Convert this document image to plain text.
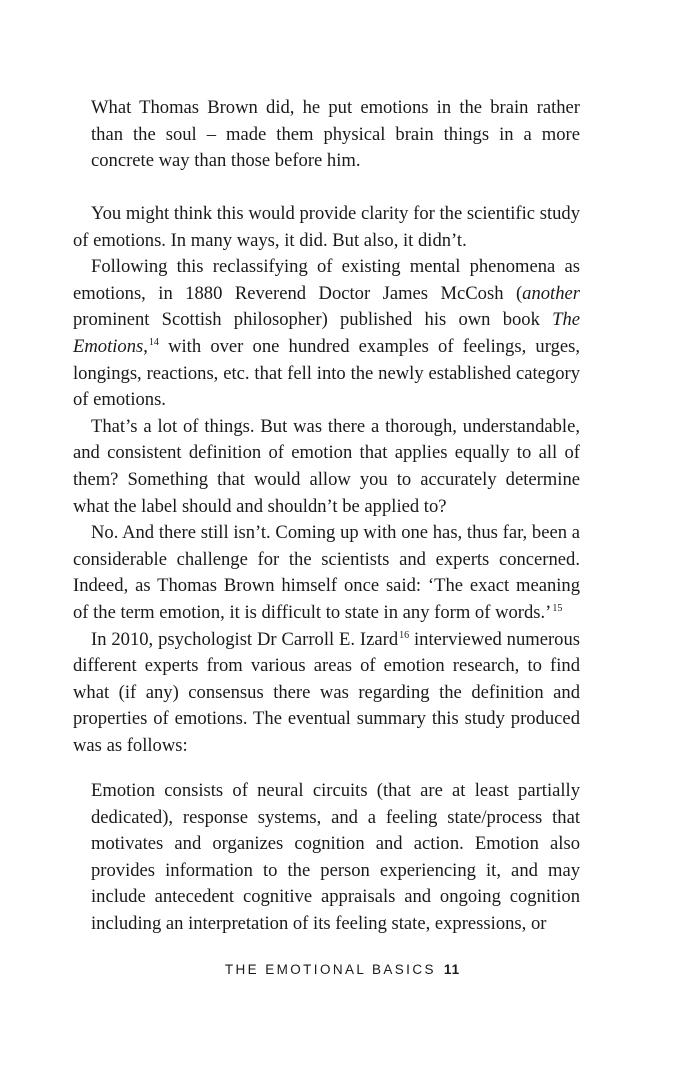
What Thomas Brown did, he put emotions in the brain rather than the soul – made them physical brain things in a more concrete way than those before him.

You might think this would provide clarity for the scientific study of emotions. In many ways, it did. But also, it didn’t.

Following this reclassifying of existing mental phenomena as emotions, in 1880 Reverend Doctor James McCosh (another prominent Scottish philosopher) published his own book The Emotions,$^{14}$ with over one hundred examples of feelings, urges, longings, reactions, etc. that fell into the newly established category of emotions.

That’s a lot of things. But was there a thorough, understandable, and consistent definition of emotion that applies equally to all of them? Something that would allow you to accurately determine what the label should and shouldn’t be applied to?

No. And there still isn’t. Coming up with one has, thus far, been a considerable challenge for the scientists and experts concerned. Indeed, as Thomas Brown himself once said: ‘The exact meaning of the term emotion, it is difficult to state in any form of words.’$^{15}$

In 2010, psychologist Dr Carroll E. Izard$^{16}$ interviewed numerous different experts from various areas of emotion research, to find what (if any) consensus there was regarding the definition and properties of emotions. The eventual summary this study produced was as follows:

Emotion consists of neural circuits (that are at least partially dedicated), response systems, and a feeling state/process that motivates and organizes cognition and action. Emotion also provides information to the person experiencing it, and may include antecedent cognitive appraisals and ongoing cognition including an interpretation of its feeling state, expressions, or

THE EMOTIONAL BASICS 11
